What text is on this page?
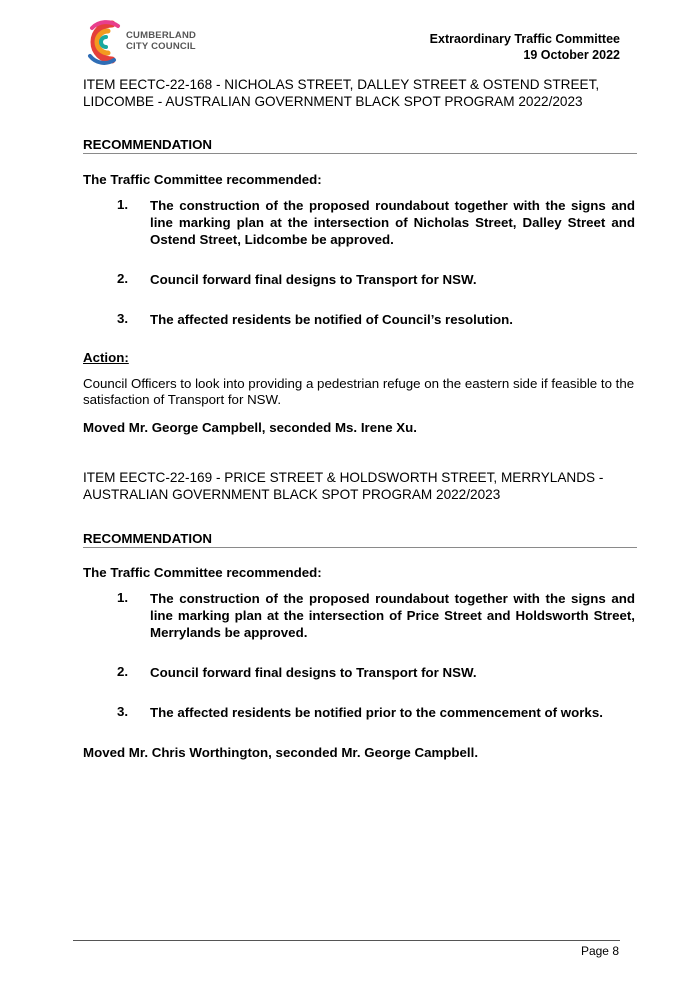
CUMBERLAND
CITY COUNCIL
Extraordinary Traffic Committee
19 October 2022
ITEM EECTC-22-168 - NICHOLAS STREET, DALLEY STREET & OSTEND STREET, LIDCOMBE - AUSTRALIAN GOVERNMENT BLACK SPOT PROGRAM 2022/2023
RECOMMENDATION
The Traffic Committee recommended:
1. The construction of the proposed roundabout together with the signs and line marking plan at the intersection of Nicholas Street, Dalley Street and Ostend Street, Lidcombe be approved.
2. Council forward final designs to Transport for NSW.
3. The affected residents be notified of Council’s resolution.
Action:
Council Officers to look into providing a pedestrian refuge on the eastern side if feasible to the satisfaction of Transport for NSW.
Moved Mr. George Campbell, seconded Ms. Irene Xu.
ITEM EECTC-22-169 - PRICE STREET & HOLDSWORTH STREET, MERRYLANDS - AUSTRALIAN GOVERNMENT BLACK SPOT PROGRAM 2022/2023
RECOMMENDATION
The Traffic Committee recommended:
1. The construction of the proposed roundabout together with the signs and line marking plan at the intersection of Price Street and Holdsworth Street, Merrylands be approved.
2. Council forward final designs to Transport for NSW.
3. The affected residents be notified prior to the commencement of works.
Moved Mr. Chris Worthington, seconded Mr. George Campbell.
Page 8
